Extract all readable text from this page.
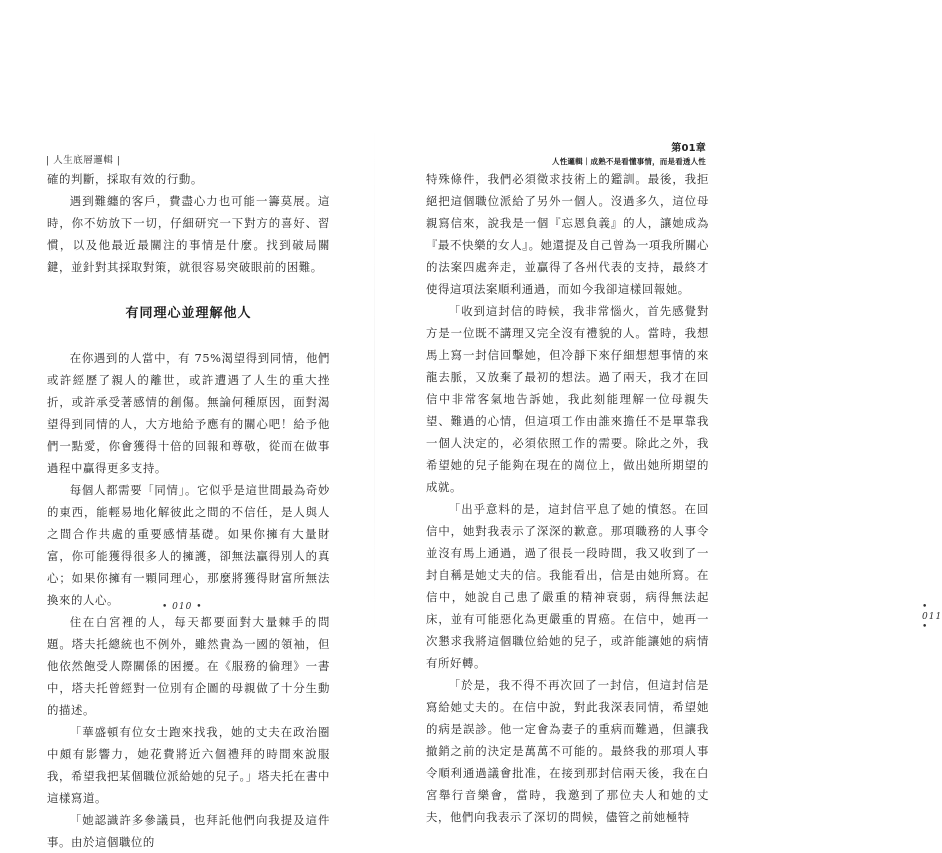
| 人生底層邏輯 |

確的判斷，採取有效的行動。

遇到難纏的客戶，費盡心力也可能一籌莫展。這時，你不妨放下一切，仔細研究一下對方的喜好、習慣，以及他最近最關注的事情是什麼。找到破局關鍵，並針對其採取對策，就很容易突破眼前的困難。

有同理心並理解他人

在你遇到的人當中，有 75%渴望得到同情，他們或許經歷了親人的離世，或許遭遇了人生的重大挫折，或許承受著感情的創傷。無論何種原因，面對渴望得到同情的人，大方地給予應有的關心吧！給予他們一點愛，你會獲得十倍的回報和尊敬，從而在做事過程中贏得更多支持。

每個人都需要「同情」。它似乎是這世間最為奇妙的東西，能輕易地化解彼此之間的不信任，是人與人之間合作共處的重要感情基礎。如果你擁有大量財富，你可能獲得很多人的擁護，卻無法贏得別人的真心；如果你擁有一顆同理心，那麼將獲得財富所無法換來的人心。

住在白宮裡的人，每天都要面對大量棘手的問題。塔夫托總統也不例外，雖然貴為一國的領袖，但他依然飽受人際關係的困擾。在《服務的倫理》一書中，塔夫托曾經對一位別有企圖的母親做了十分生動的描述。

「華盛頓有位女士跑來找我，她的丈夫在政治圈中頗有影響力，她花費將近六個禮拜的時間來說服我，希望我把某個職位派給她的兒子。」塔夫托在書中這樣寫道。

「她認識許多參議員，也拜託他們向我提及這件事。由於這個職位的

• 010 •
第01章
人性邏輯｜成熟不是看懂事情，而是看透人性
• 011 •

特殊條件，我們必須徵求技術上的鑑訓。最後，我拒絕把這個職位派給了另外一個人。沒過多久，這位母親寫信來，說我是一個『忘恩負義』的人，讓她成為『最不快樂的女人』。她還提及自己曾為一項我所關心的法案四處奔走，並贏得了各州代表的支持，最終才使得這項法案順利通過，而如今我卻這樣回報她。

「收到這封信的時候，我非常惱火，首先感覺對方是一位既不講理又完全沒有禮貌的人。當時，我想馬上寫一封信回擊她，但冷靜下來仔細想想事情的來龍去脈，又放棄了最初的想法。過了兩天，我才在回信中非常客氣地告訴她，我此刻能理解一位母親失望、難過的心情，但這項工作由誰來擔任不是單靠我一個人決定的，必須依照工作的需要。除此之外，我希望她的兒子能夠在現在的崗位上，做出她所期望的成就。

「出乎意料的是，這封信平息了她的憤怒。在回信中，她對我表示了深深的歉意。那項職務的人事令並沒有馬上通過，過了很長一段時間，我又收到了一封自稱是她丈夫的信。我能看出，信是由她所寫。在信中，她說自己患了嚴重的精神衰弱，病得無法起床，並有可能惡化為更嚴重的胃癌。在信中，她再一次懇求我將這個職位給她的兒子，或許能讓她的病情有所好轉。

「於是，我不得不再次回了一封信，但這封信是寫給她丈夫的。在信中說，對此我深表同情，希望她的病是誤診。他一定會為妻子的重病而難過，但讓我撤銷之前的決定是萬萬不可能的。最終我的那項人事令順利通過議會批准，在接到那封信兩天後，我在白宮舉行音樂會，當時，我邀到了那位夫人和她的丈夫，他們向我表示了深切的問候，儘管之前她極特
